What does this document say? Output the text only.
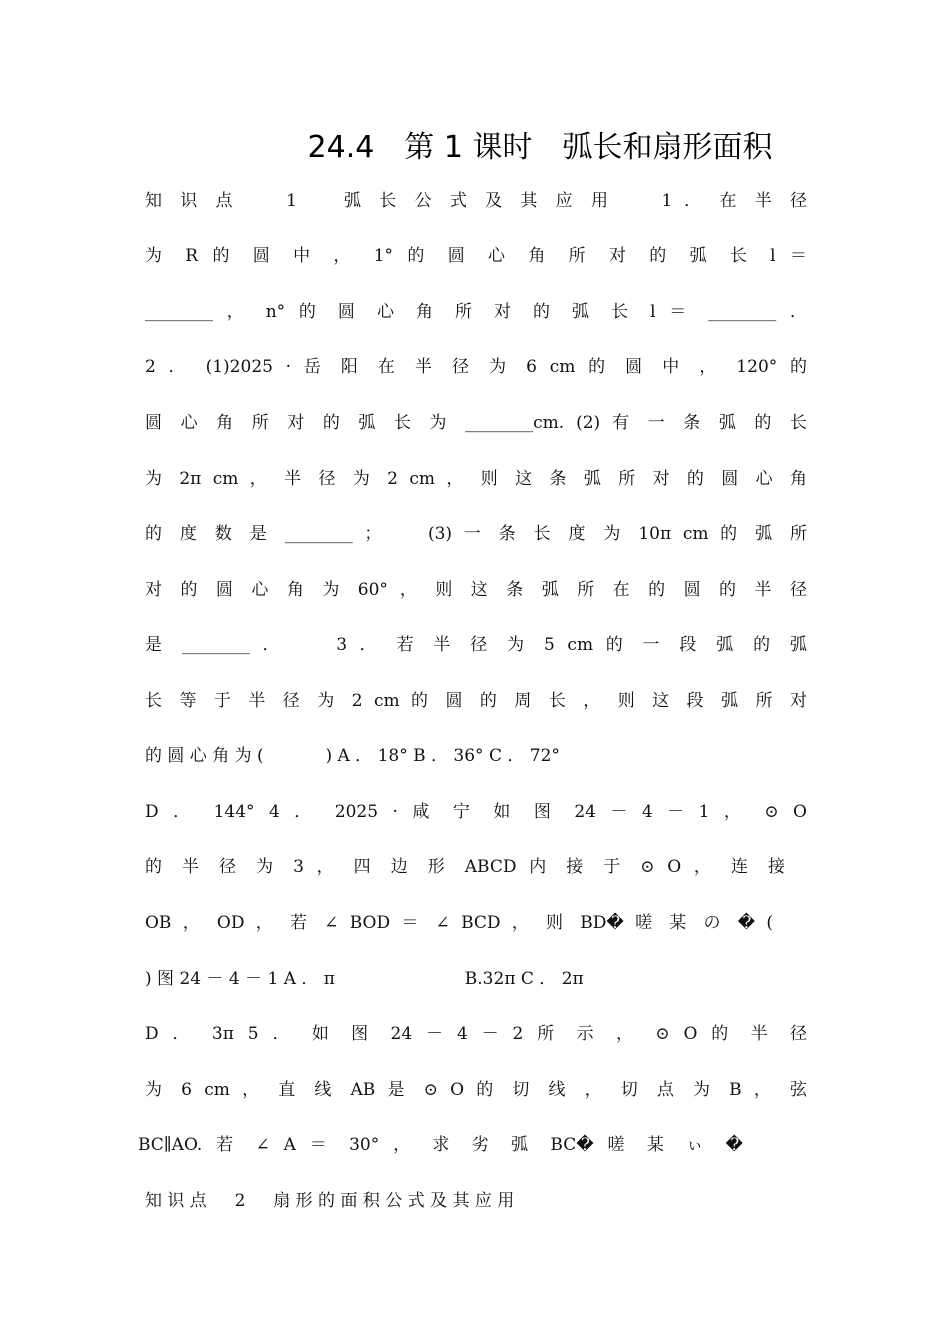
24.4　第 1 课时　弧长和扇形面积
知 识 点 　 1 　 弧 长 公 式 及 其 应 用 　 1 ． 在 半 径
为 R 的 圆 中 ， 1° 的 圆 心 角 所 对 的 弧 长 l ＝ 　　
________ ， n° 的 圆 心 角 所 对 的 弧 长 l ＝ ________ ．
2 ． (1)2025 · 岳 阳 在 半 径 为 6 cm 的 圆 中 ， 120° 的
圆 心 角 所 对 的 弧 长 为 ________cm. (2) 有 一 条 弧 的 长
为 2π cm ， 半 径 为 2 cm ， 则 这 条 弧 所 对 的 圆 心 角
的 度 数 是 ________ ； 　 (3) 一 条 长 度 为 10π cm 的 弧 所
对 的 圆 心 角 为 60° ， 则 这 条 弧 所 在 的 圆 的 半 径
是 ________ ． 　 3 ． 若 半 径 为 5 cm 的 一 段 弧 的 弧
长 等 于 半 径 为 2 cm 的 圆 的 周 长 ， 则 这 段 弧 所 对
的 圆 心 角 为 ( 　　　 ) A ． 18° B ． 36° C ． 72°
D ． 144° 4 ． 2025 · 咸 宁 如 图 24 － 4 － 1 ， ⊙ O
的 半 径 为 3 ， 四 边 形 ABCD 内 接 于 ⊙ O ， 连 接 　
OB ， OD ， 若 ∠ BOD ＝ ∠ BCD ， 则 BD� 嗟 某 の � (
) 图 24 － 4 － 1 A ． π 　　　　　　　 B.32π C ． 2π 　
D ． 3π 5 ． 如 图 24 － 4 － 2 所 示 ， ⊙ O 的 半 径
为 6 cm ， 直 线 AB 是 ⊙ O 的 切 线 ， 切 点 为 B ， 弦
BC∥AO. 若 ∠ A ＝ 30° ， 求 劣 弧 BC� 嗟 某 ぃ �
知 识 点 　 2 　 扇 形 的 面 积 公 式 及 其 应 用
